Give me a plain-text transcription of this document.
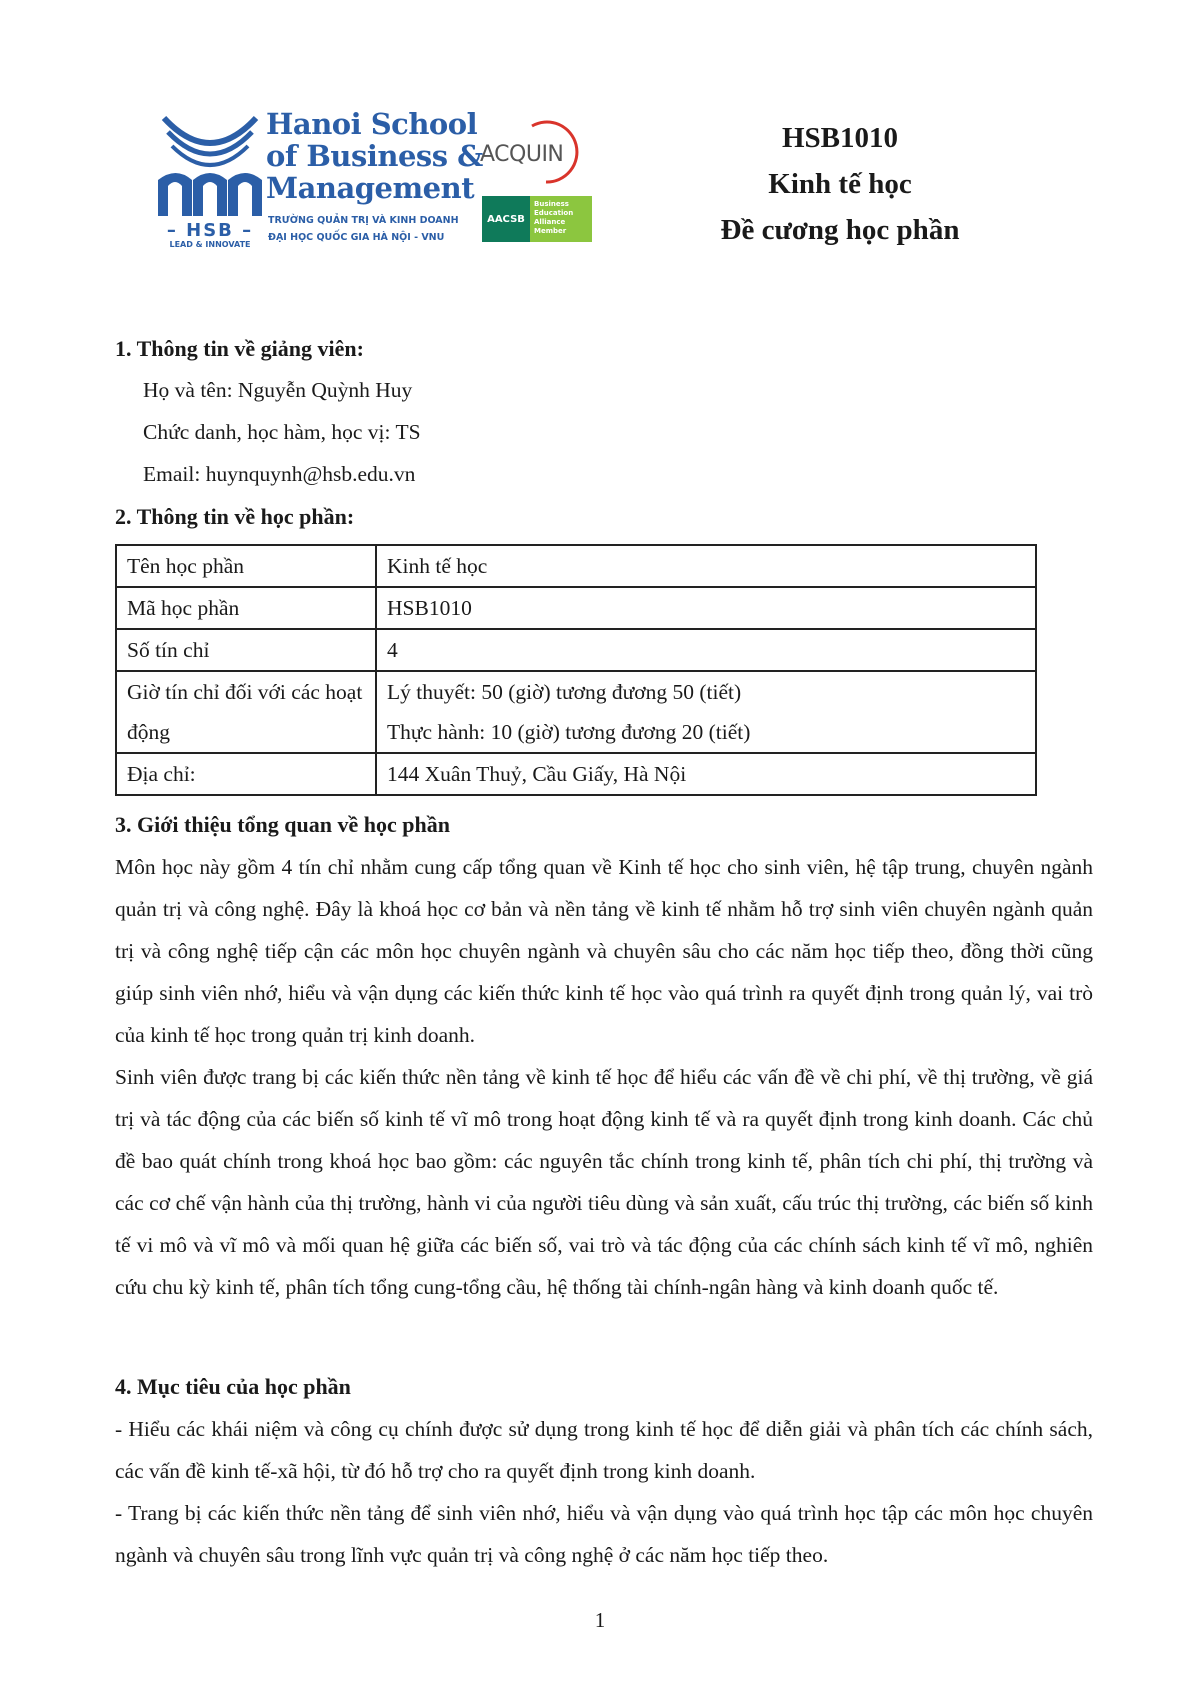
– HSB –
LEAD & INNOVATE
Hanoi School
of Business &
Management
TRƯỜNG QUẢN TRỊ VÀ KINH DOANH
ĐẠI HỌC QUỐC GIA HÀ NỘI - VNU
ACQUIN
AACSB
Business
Education
Alliance
Member
HSB1010
Kinh tế học
Đề cương học phần
1. Thông tin về giảng viên:
Họ và tên: Nguyễn Quỳnh Huy
Chức danh, học hàm, học vị: TS
Email: huynquynh@hsb.edu.vn
2. Thông tin về học phần:
Tên học phần	Kinh tế học
Mã học phần	HSB1010
Số tín chỉ	4
Giờ tín chỉ đối với các hoạt động	Lý thuyết: 50 (giờ) tương đương 50 (tiết)
Thực hành: 10 (giờ) tương đương 20 (tiết)

Địa chỉ:	144 Xuân Thuỷ, Cầu Giấy, Hà Nội
3. Giới thiệu tổng quan về học phần
Môn học này gồm 4 tín chỉ nhằm cung cấp tổng quan về Kinh tế học cho sinh viên, hệ tập trung, chuyên ngành quản trị và công nghệ. Đây là khoá học cơ bản và nền tảng về kinh tế nhằm hỗ trợ sinh viên chuyên ngành quản trị và công nghệ tiếp cận các môn học chuyên ngành và chuyên sâu cho các năm học tiếp theo, đồng thời cũng giúp sinh viên nhớ, hiểu và vận dụng các kiến thức kinh tế học vào quá trình ra quyết định trong quản lý, vai trò của kinh tế học trong quản trị kinh doanh.
Sinh viên được trang bị các kiến thức nền tảng về kinh tế học để hiểu các vấn đề về chi phí, về thị trường, về giá trị và tác động của các biến số kinh tế vĩ mô trong hoạt động kinh tế và ra quyết định trong kinh doanh. Các chủ đề bao quát chính trong khoá học bao gồm: các nguyên tắc chính trong kinh tế, phân tích chi phí, thị trường và các cơ chế vận hành của thị trường, hành vi của người tiêu dùng và sản xuất, cấu trúc thị trường, các biến số kinh tế vi mô và vĩ mô và mối quan hệ giữa các biến số, vai trò và tác động của các chính sách kinh tế vĩ mô, nghiên cứu chu kỳ kinh tế, phân tích tổng cung-tổng cầu, hệ thống tài chính-ngân hàng và kinh doanh quốc tế.
4. Mục tiêu của học phần
- Hiểu các khái niệm và công cụ chính được sử dụng trong kinh tế học để diễn giải và phân tích các chính sách, các vấn đề kinh tế-xã hội, từ đó hỗ trợ cho ra quyết định trong kinh doanh.
- Trang bị các kiến thức nền tảng để sinh viên nhớ, hiểu và vận dụng vào quá trình học tập các môn học chuyên ngành và chuyên sâu trong lĩnh vực quản trị và công nghệ ở các năm học tiếp theo.
1
